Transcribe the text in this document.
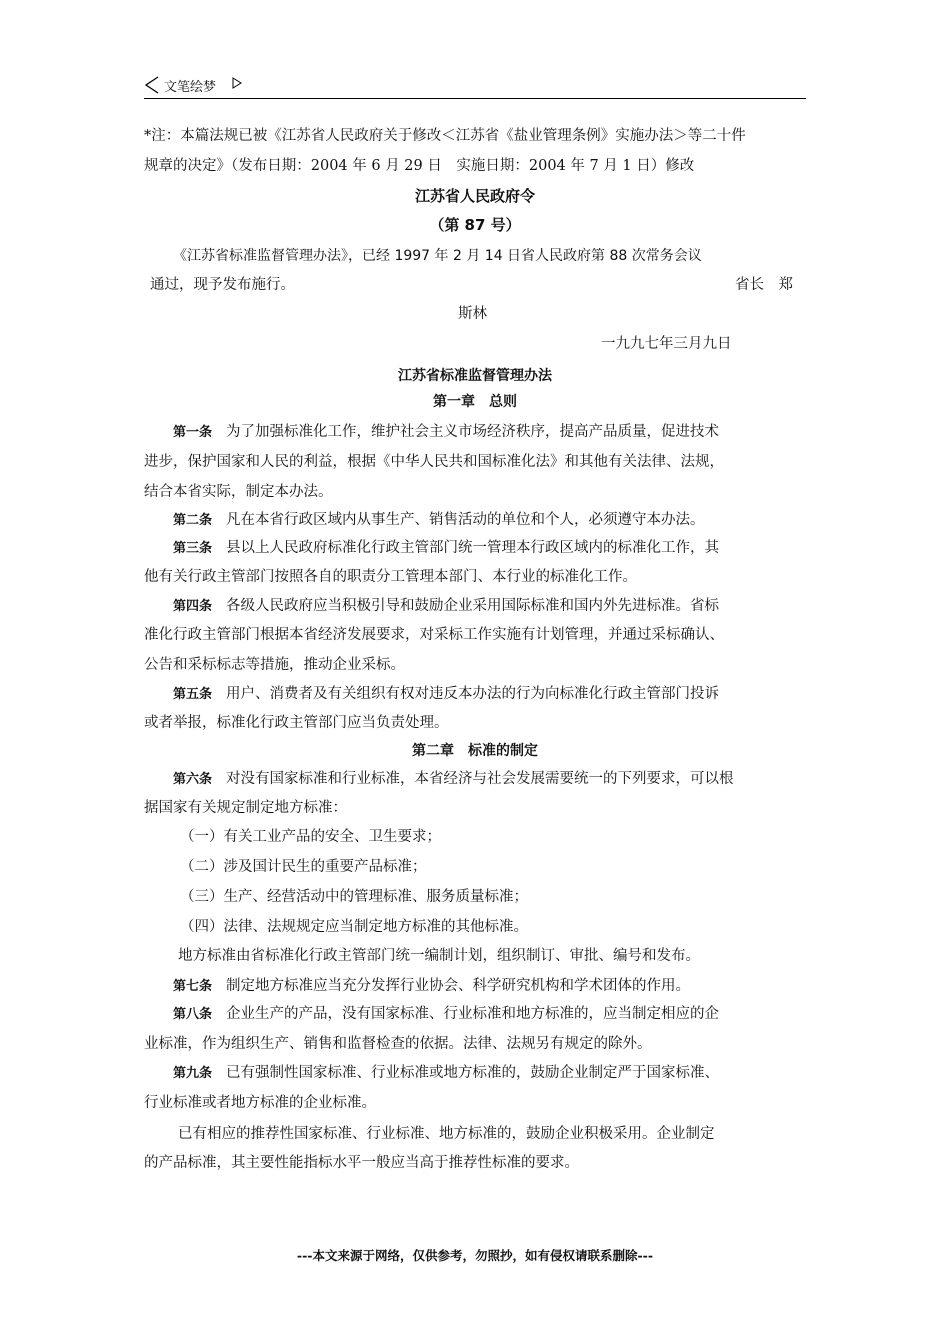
文笔绘梦
*注：本篇法规已被《江苏省人民政府关于修改＜江苏省《盐业管理条例》实施办法＞等二十件
规章的决定》（发布日期：2004 年 6 月 29 日　实施日期：2004 年 7 月 1 日）修改
江苏省人民政府令
（第 87 号）
《江苏省标准监督管理办法》，已经 1997 年 2 月 14 日省人民政府第 88 次常务会议
通过，现予发布施行。	省长　郑
斯林
一九九七年三月九日
江苏省标准监督管理办法
第一章　总则
第一条 为了加强标准化工作，维护社会主义市场经济秩序，提高产品质量，促进技术
进步，保护国家和人民的利益，根据《中华人民共和国标准化法》和其他有关法律、法规，
结合本省实际，制定本办法。
第二条 凡在本省行政区域内从事生产、销售活动的单位和个人，必须遵守本办法。
第三条 县以上人民政府标准化行政主管部门统一管理本行政区域内的标准化工作，其
他有关行政主管部门按照各自的职责分工管理本部门、本行业的标准化工作。
第四条 各级人民政府应当积极引导和鼓励企业采用国际标准和国内外先进标准。省标
准化行政主管部门根据本省经济发展要求，对采标工作实施有计划管理，并通过采标确认、
公告和采标标志等措施，推动企业采标。
第五条 用户、消费者及有关组织有权对违反本办法的行为向标准化行政主管部门投诉
或者举报，标准化行政主管部门应当负责处理。
第二章　标准的制定
第六条 对没有国家标准和行业标准，本省经济与社会发展需要统一的下列要求，可以根
据国家有关规定制定地方标准：
（一）有关工业产品的安全、卫生要求；
（二）涉及国计民生的重要产品标准；
（三）生产、经营活动中的管理标准、服务质量标准；
（四）法律、法规规定应当制定地方标准的其他标准。
地方标准由省标准化行政主管部门统一编制计划，组织制订、审批、编号和发布。
第七条 制定地方标准应当充分发挥行业协会、科学研究机构和学术团体的作用。
第八条 企业生产的产品，没有国家标准、行业标准和地方标准的，应当制定相应的企
业标准，作为组织生产、销售和监督检查的依据。法律、法规另有规定的除外。
第九条 已有强制性国家标准、行业标准或地方标准的，鼓励企业制定严于国家标准、
行业标准或者地方标准的企业标准。
已有相应的推荐性国家标准、行业标准、地方标准的，鼓励企业积极采用。企业制定
的产品标准，其主要性能指标水平一般应当高于推荐性标准的要求。
---本文来源于网络，仅供参考，勿照抄，如有侵权请联系删除---
